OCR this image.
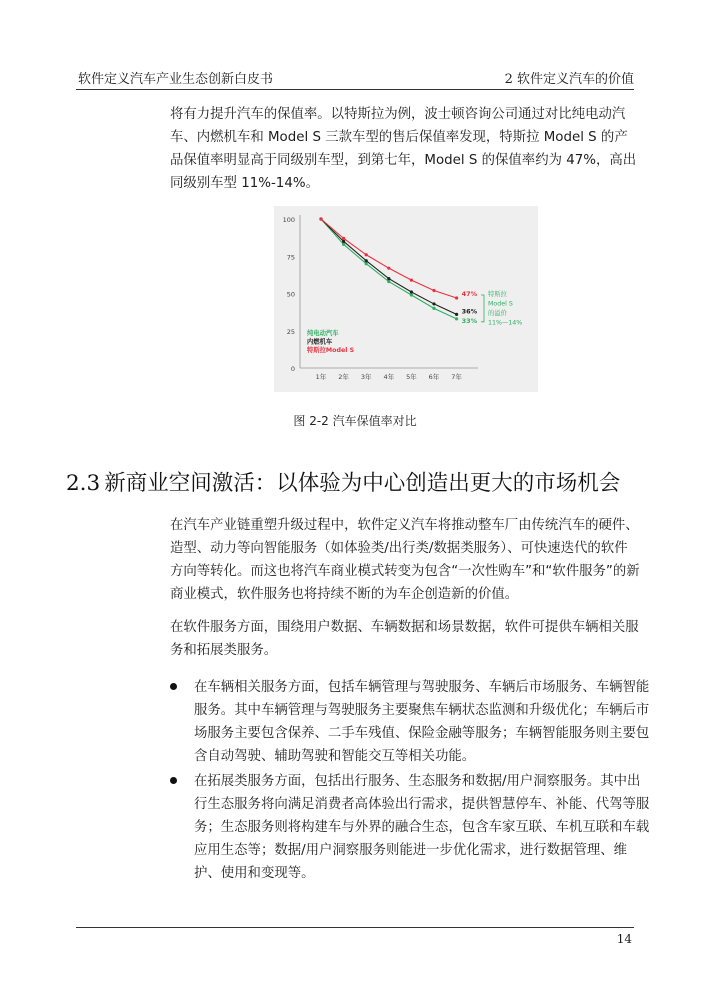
软件定义汽车产业生态创新白皮书	2 软件定义汽车的价值

将有力提升汽车的保值率。以特斯拉为例，波士顿咨询公司通过对比纯电动汽车、内燃机车和 Model S 三款车型的售后保值率发现，特斯拉 Model S 的产品保值率明显高于同级别车型，到第七年，Model S 的保值率约为 47%，高出同级别车型 11%-14%。

0
25
50
75
100
1年 2年 3年 4年 5年 6年 7年
33%
36%
47% 特斯拉
Model S
的溢价
11%—14%
纯电动汽车
内燃机车
特斯拉Model S
图 2-2 汽车保值率对比
2.3 新商业空间激活：以体验为中心创造出更大的市场机会

在汽车产业链重塑升级过程中，软件定义汽车将推动整车厂由传统汽车的硬件、造型、动力等向智能服务（如体验类/出行类/数据类服务）、可快速迭代的软件方向等转化。而这也将汽车商业模式转变为包含“一次性购车”和“软件服务”的新商业模式，软件服务也将持续不断的为车企创造新的价值。

在软件服务方面，围绕用户数据、车辆数据和场景数据，软件可提供车辆相关服务和拓展类服务。

在车辆相关服务方面，包括车辆管理与驾驶服务、车辆后市场服务、车辆智能服务。其中车辆管理与驾驶服务主要聚焦车辆状态监测和升级优化；车辆后市场服务主要包含保养、二手车残值、保险金融等服务；车辆智能服务则主要包含自动驾驶、辅助驾驶和智能交互等相关功能。

在拓展类服务方面，包括出行服务、生态服务和数据/用户洞察服务。其中出行生态服务将向满足消费者高体验出行需求，提供智慧停车、补能、代驾等服务；生态服务则将构建车与外界的融合生态，包含车家互联、车机互联和车载应用生态等；数据/用户洞察服务则能进一步优化需求，进行数据管理、维护、使用和变现等。

14
